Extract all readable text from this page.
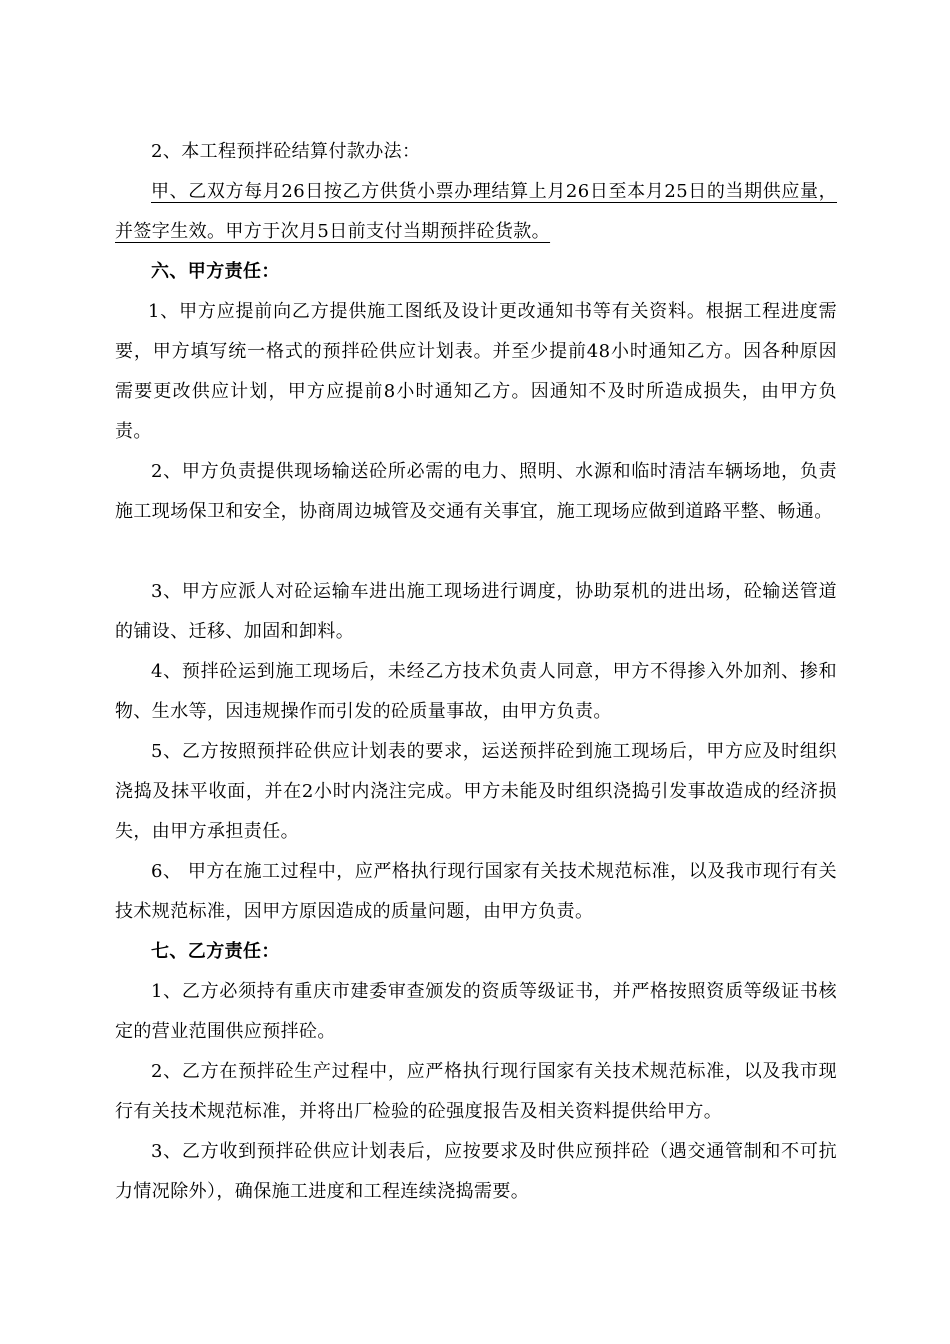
2、本工程预拌砼结算付款办法：

甲、乙双方每月26日按乙方供货小票办理结算上月26日至本月25日的当期供应量，并签字生效。甲方于次月5日前支付当期预拌砼货款。

六、甲方责任：

1、甲方应提前向乙方提供施工图纸及设计更改通知书等有关资料。根据工程进度需要，甲方填写统一格式的预拌砼供应计划表。并至少提前48小时通知乙方。因各种原因需要更改供应计划，甲方应提前8小时通知乙方。因通知不及时所造成损失，由甲方负责。

2、甲方负责提供现场输送砼所必需的电力、照明、水源和临时清洁车辆场地，负责施工现场保卫和安全，协商周边城管及交通有关事宜，施工现场应做到道路平整、畅通。

3、甲方应派人对砼运输车进出施工现场进行调度，协助泵机的进出场，砼输送管道的铺设、迁移、加固和卸料。

4、预拌砼运到施工现场后，未经乙方技术负责人同意，甲方不得掺入外加剂、掺和物、生水等，因违规操作而引发的砼质量事故，由甲方负责。

5、乙方按照预拌砼供应计划表的要求，运送预拌砼到施工现场后，甲方应及时组织浇捣及抹平收面，并在2小时内浇注完成。甲方未能及时组织浇捣引发事故造成的经济损失，由甲方承担责任。

6、 甲方在施工过程中，应严格执行现行国家有关技术规范标准，以及我市现行有关技术规范标准，因甲方原因造成的质量问题，由甲方负责。

七、乙方责任：

1、乙方必须持有重庆市建委审查颁发的资质等级证书，并严格按照资质等级证书核定的营业范围供应预拌砼。

2、乙方在预拌砼生产过程中，应严格执行现行国家有关技术规范标准，以及我市现行有关技术规范标准，并将出厂检验的砼强度报告及相关资料提供给甲方。

3、乙方收到预拌砼供应计划表后，应按要求及时供应预拌砼（遇交通管制和不可抗力情况除外），确保施工进度和工程连续浇捣需要。
